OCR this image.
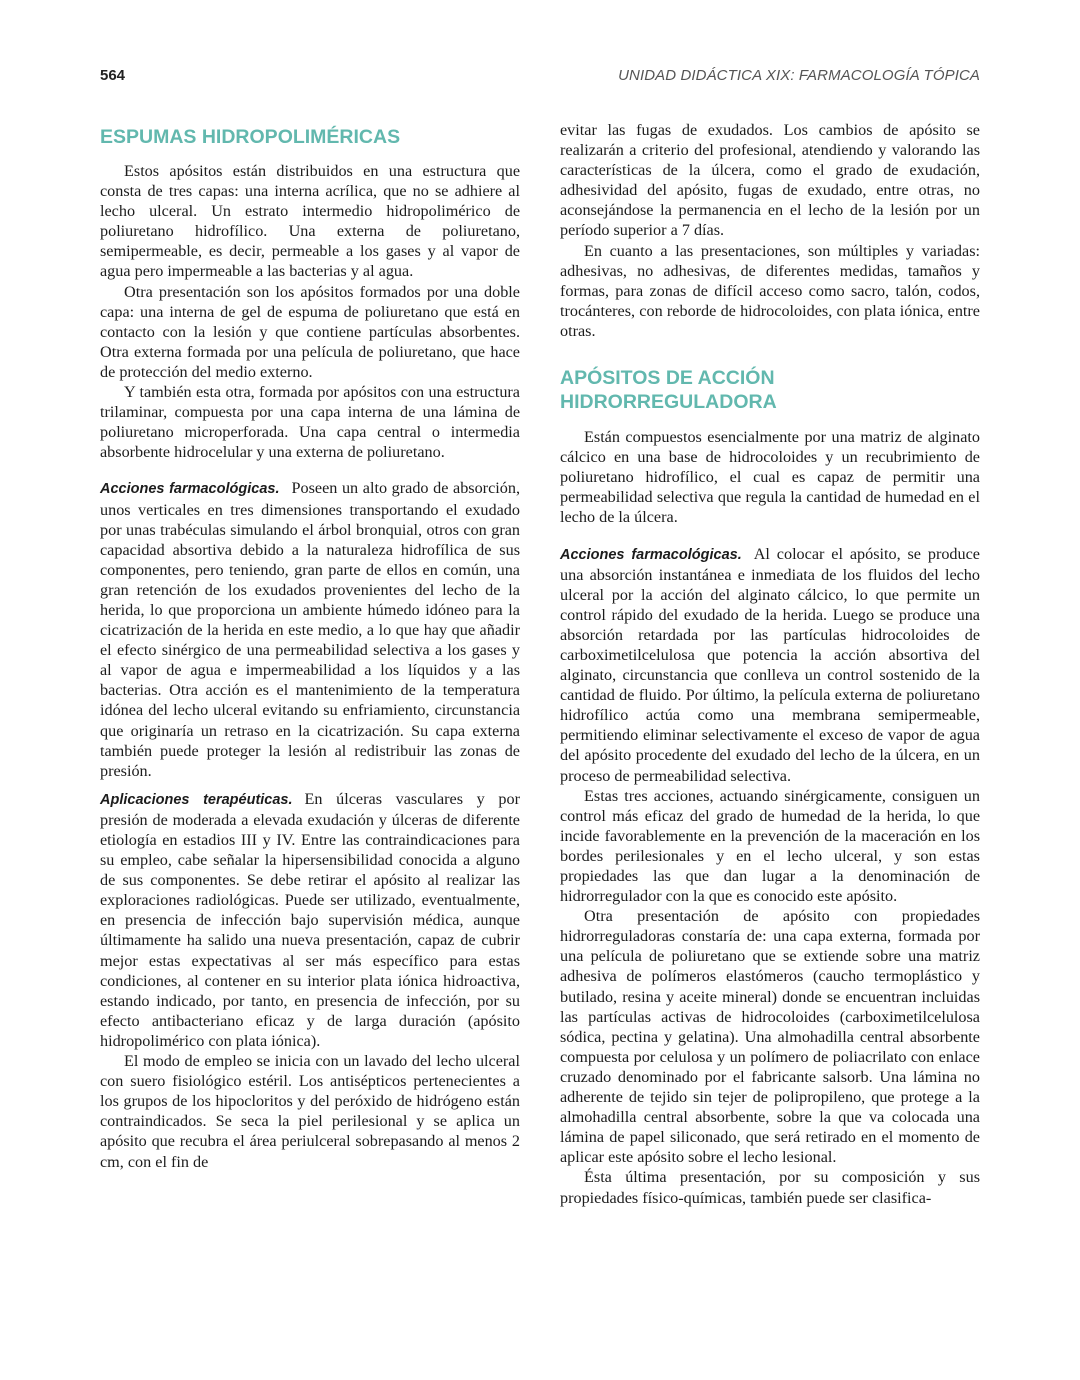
564	UNIDAD DIDÁCTICA XIX: FARMACOLOGÍA TÓPICA
ESPUMAS HIDROPOLIMÉRICAS

Estos apósitos están distribuidos en una estructura que consta de tres capas: una interna acrílica, que no se adhiere al lecho ulceral. Un estrato intermedio hidropolimérico de poliuretano hidrofílico. Una externa de poliuretano, semipermeable, es decir, permeable a los gases y al vapor de agua pero impermeable a las bacterias y al agua.

Otra presentación son los apósitos formados por una doble capa: una interna de gel de espuma de poliuretano que está en contacto con la lesión y que contiene partículas absorbentes. Otra externa formada por una película de poliuretano, que hace de protección del medio externo.

Y también esta otra, formada por apósitos con una estructura trilaminar, compuesta por una capa interna de una lámina de poliuretano microperforada. Una capa central o intermedia absorbente hidrocelular y una externa de poliuretano.

Acciones farmacológicas. Poseen un alto grado de absorción, unos verticales en tres dimensiones transportando el exudado por unas trabéculas simulando el árbol bronquial, otros con gran capacidad absortiva debido a la naturaleza hidrofílica de sus componentes, pero teniendo, gran parte de ellos en común, una gran retención de los exudados provenientes del lecho de la herida, lo que proporciona un ambiente húmedo idóneo para la cicatrización de la herida en este medio, a lo que hay que añadir el efecto sinérgico de una permeabilidad selectiva a los gases y al vapor de agua e impermeabilidad a los líquidos y a las bacterias. Otra acción es el mantenimiento de la temperatura idónea del lecho ulceral evitando su enfriamiento, circunstancia que originaría un retraso en la cicatrización. Su capa externa también puede proteger la lesión al redistribuir las zonas de presión.

Aplicaciones terapéuticas. En úlceras vasculares y por presión de moderada a elevada exudación y úlceras de diferente etiología en estadios III y IV. Entre las contraindicaciones para su empleo, cabe señalar la hipersensibilidad conocida a alguno de sus componentes. Se debe retirar el apósito al realizar las exploraciones radiológicas. Puede ser utilizado, eventualmente, en presencia de infección bajo supervisión médica, aunque últimamente ha salido una nueva presentación, capaz de cubrir mejor estas expectativas al ser más específico para estas condiciones, al contener en su interior plata iónica hidroactiva, estando indicado, por tanto, en presencia de infección, por su efecto antibacteriano eficaz y de larga duración (apósito hidropolimérico con plata iónica).

El modo de empleo se inicia con un lavado del lecho ulceral con suero fisiológico estéril. Los antisépticos pertenecientes a los grupos de los hipocloritos y del peróxido de hidrógeno están contraindicados. Se seca la piel perilesional y se aplica un apósito que recubra el área periulceral sobrepasando al menos 2 cm, con el fin de

evitar las fugas de exudados. Los cambios de apósito se realizarán a criterio del profesional, atendiendo y valorando las características de la úlcera, como el grado de exudación, adhesividad del apósito, fugas de exudado, entre otras, no aconsejándose la permanencia en el lecho de la lesión por un período superior a 7 días.

En cuanto a las presentaciones, son múltiples y variadas: adhesivas, no adhesivas, de diferentes medidas, tamaños y formas, para zonas de difícil acceso como sacro, talón, codos, trocánteres, con reborde de hidrocoloides, con plata iónica, entre otras.

APÓSITOS DE ACCIÓN
HIDRORREGULADORA

Están compuestos esencialmente por una matriz de alginato cálcico en una base de hidrocoloides y un recubrimiento de poliuretano hidrofílico, el cual es capaz de permitir una permeabilidad selectiva que regula la cantidad de humedad en el lecho de la úlcera.

Acciones farmacológicas. Al colocar el apósito, se produce una absorción instantánea e inmediata de los fluidos del lecho ulceral por la acción del alginato cálcico, lo que permite un control rápido del exudado de la herida. Luego se produce una absorción retardada por las partículas hidrocoloides de carboximetilcelulosa que potencia la acción absortiva del alginato, circunstancia que conlleva un control sostenido de la cantidad de fluido. Por último, la película externa de poliuretano hidrofílico actúa como una membrana semipermeable, permitiendo eliminar selectivamente el exceso de vapor de agua del apósito procedente del exudado del lecho de la úlcera, en un proceso de permeabilidad selectiva.

Estas tres acciones, actuando sinérgicamente, consiguen un control más eficaz del grado de humedad de la herida, lo que incide favorablemente en la prevención de la maceración en los bordes perilesionales y en el lecho ulceral, y son estas propiedades las que dan lugar a la denominación de hidrorregulador con la que es conocido este apósito.

Otra presentación de apósito con propiedades hidrorreguladoras constaría de: una capa externa, formada por una película de poliuretano que se extiende sobre una matriz adhesiva de polímeros elastómeros (caucho termoplástico y butilado, resina y aceite mineral) donde se encuentran incluidas las partículas activas de hidrocoloides (carboximetilcelulosa sódica, pectina y gelatina). Una almohadilla central absorbente compuesta por celulosa y un polímero de poliacrilato con enlace cruzado denominado por el fabricante salsorb. Una lámina no adherente de tejido sin tejer de polipropileno, que protege a la almohadilla central absorbente, sobre la que va colocada una lámina de papel siliconado, que será retirado en el momento de aplicar este apósito sobre el lecho lesional.

Ésta última presentación, por su composición y sus propiedades físico-químicas, también puede ser clasifica-
